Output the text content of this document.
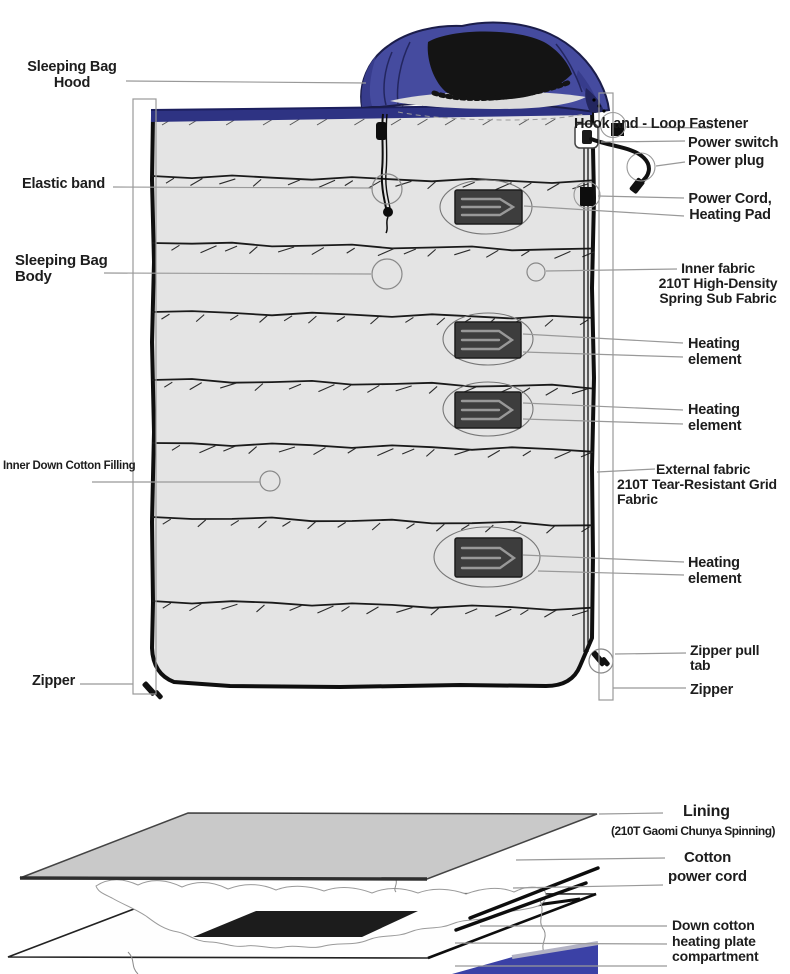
Sleeping Bag
Hood
Elastic band
Sleeping Bag
Body
Inner Down Cotton Filling
Zipper
Hook and - Loop Fastener
Power switch
Power plug
Power Cord,
Heating Pad
Inner fabric
210T High-Density
Spring Sub Fabric
Heating
element
Heating
element
External fabric
210T Tear-Resistant Grid
Fabric
Heating
element
Zipper pull
tab
Zipper
Lining
(210T Gaomi Chunya Spinning)
Cotton
power cord
Down cotton
heating plate
compartment
